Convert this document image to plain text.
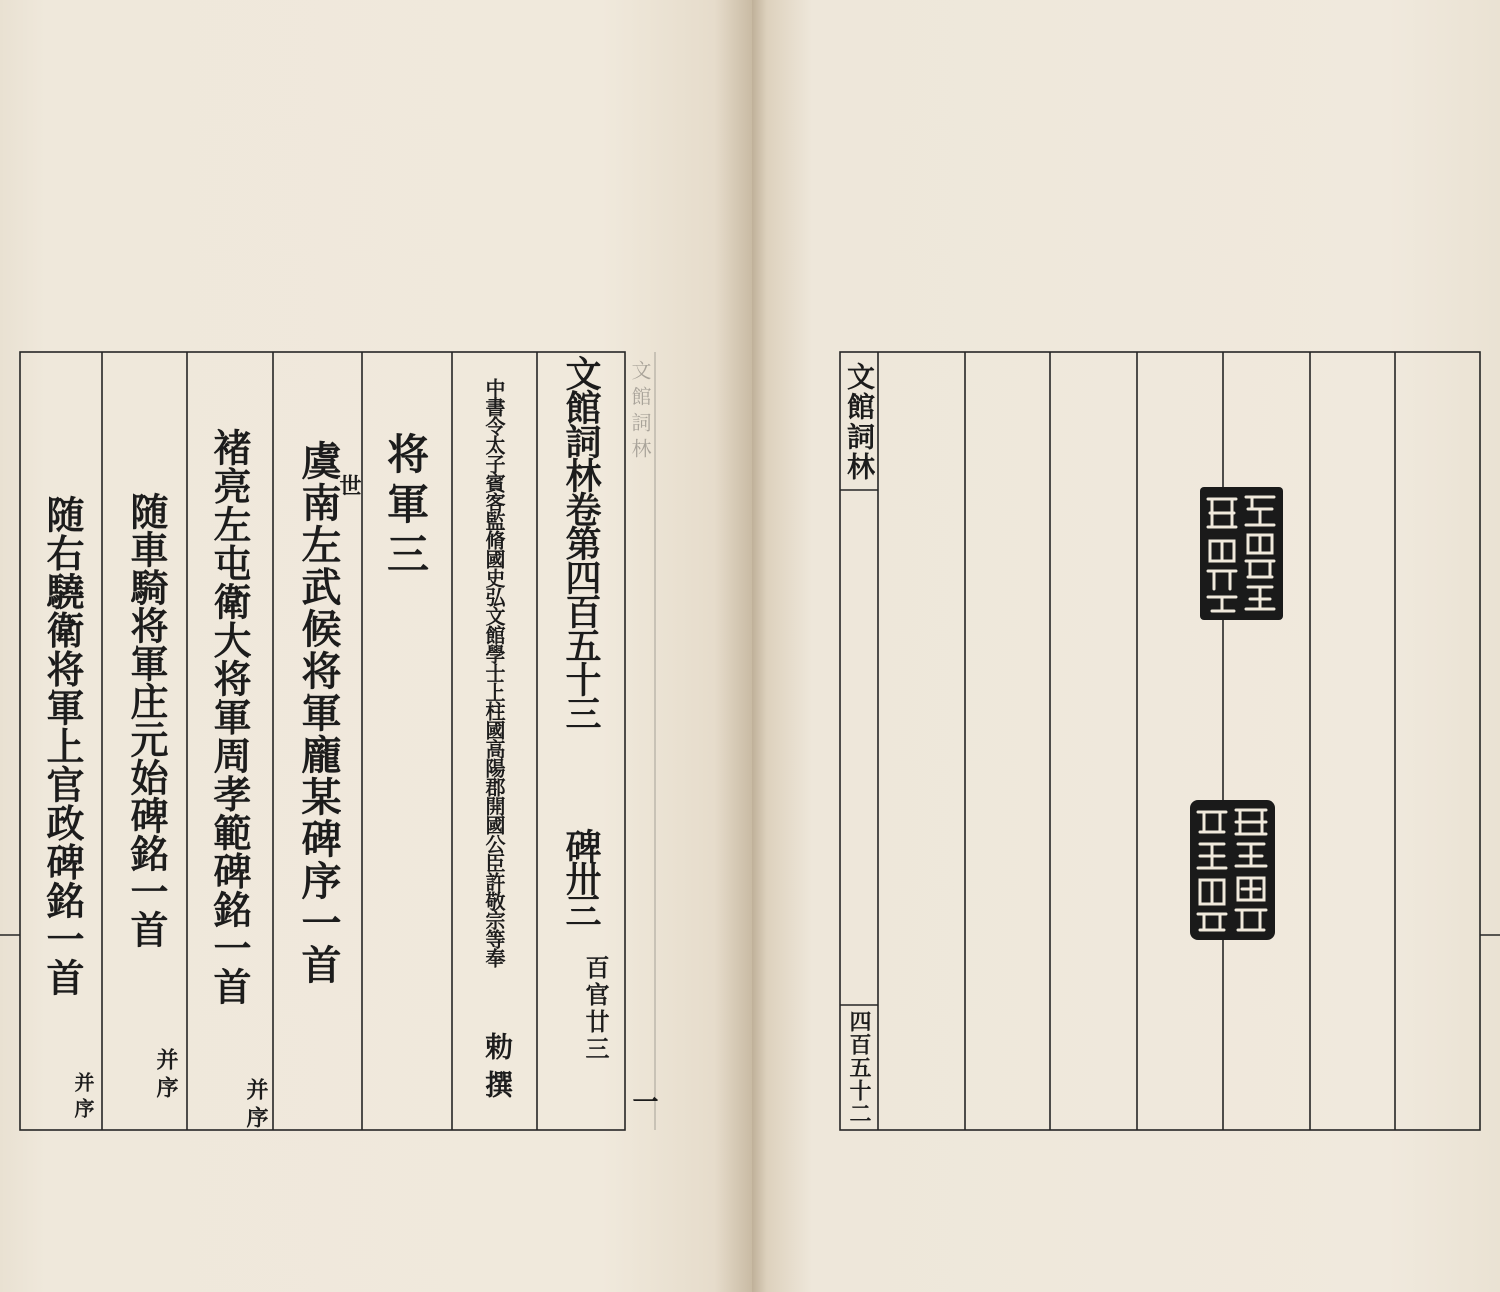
文館詞林
一
文館詞林卷第四百五十三
碑卅三
百官廿三
中書令太子賓客監脩國史弘文館學士上柱國高陽郡開國公臣許敬宗等奉
勅撰
将軍三
虞南左武候将軍龐某碑序一首
世
褚亮左屯衛大将軍周孝範碑銘一首
并序
随車騎将軍庄元始碑銘一首
并序
随右驍衛将軍上官政碑銘一首
并序
文館詞林
四百五十二
